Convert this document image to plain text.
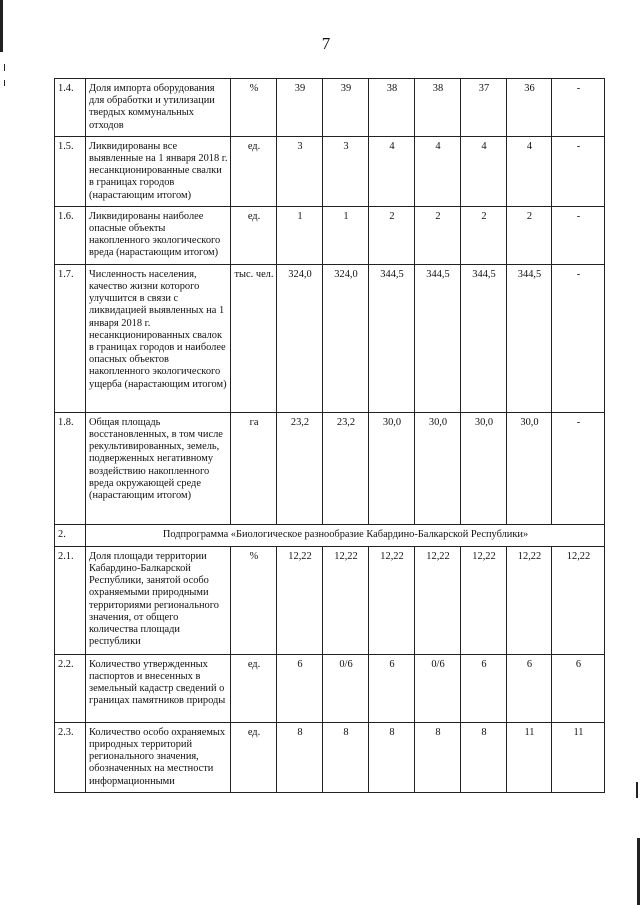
7
1.4.	Доля импорта оборудования для обработки и утилизации твердых коммунальных отходов	%	39	39	38	38	37	36	-
1.5.	Ликвидированы все выявленные на 1 января 2018 г. несанкционированные свалки в границах городов (нарастающим итогом)	ед.	3	3	4	4	4	4	-
1.6.	Ликвидированы наиболее опасные объекты накопленного экологического вреда (нарастающим итогом)	ед.	1	1	2	2	2	2	-
1.7.	Численность населения, качество жизни которого улучшится в связи с ликвидацией выявленных на 1 января 2018 г. несанкционированных свалок в границах городов и наиболее опасных объектов накопленного экологического ущерба (нарастающим итогом)	тыс. чел.	324,0	324,0	344,5	344,5	344,5	344,5	-
1.8.	Общая площадь восстановленных, в том числе рекультивированных, земель, подверженных негативному воздействию накопленного вреда окружающей среде (нарастающим итогом)	га	23,2	23,2	30,0	30,0	30,0	30,0	-
2.	Подпрограмма «Биологическое разнообразие Кабардино-Балкарской Республики»								
2.1.	Доля площади территории Кабардино-Балкарской Республики, занятой особо охраняемыми природными территориями регионального значения, от общего количества площади республики	%	12,22	12,22	12,22	12,22	12,22	12,22	12,22
2.2.	Количество утвержденных паспортов и внесенных в земельный кадастр сведений о границах памятников природы	ед.	6	0/6	6	0/6	6	6	6
2.3.	Количество особо охраняемых природных территорий регионального значения, обозначенных на местности информационными	ед.	8	8	8	8	8	11	11
